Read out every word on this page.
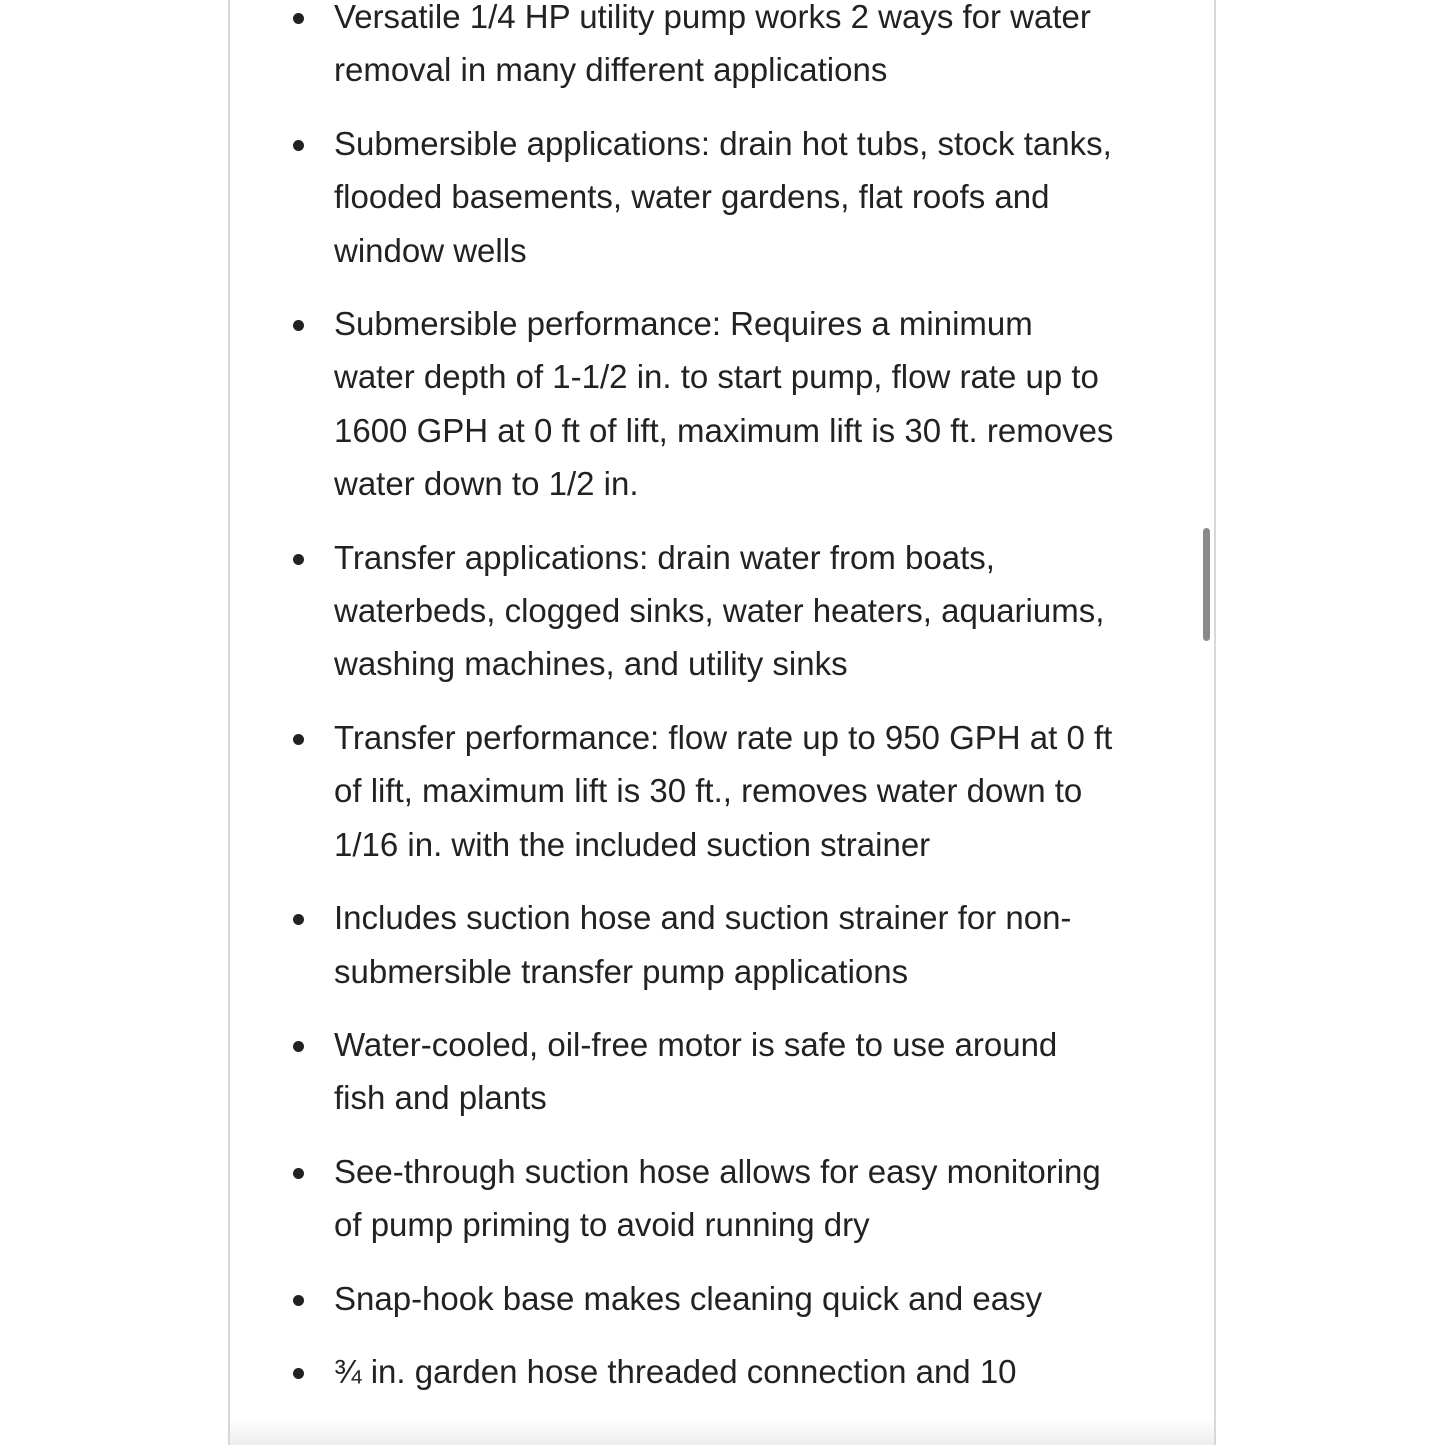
Versatile 1/4 HP utility pump works 2 ways for water removal in many different applications
Submersible applications: drain hot tubs, stock tanks, flooded basements, water gardens, flat roofs and window wells
Submersible performance: Requires a minimum water depth of 1-1/2 in. to start pump, flow rate up to 1600 GPH at 0 ft of lift, maximum lift is 30 ft. removes water down to 1/2 in.
Transfer applications: drain water from boats, waterbeds, clogged sinks, water heaters, aquariums, washing machines, and utility sinks
Transfer performance: flow rate up to 950 GPH at 0 ft of lift, maximum lift is 30 ft., removes water down to 1/16 in. with the included suction strainer
Includes suction hose and suction strainer for non-submersible transfer pump applications
Water-cooled, oil-free motor is safe to use around fish and plants
See-through suction hose allows for easy monitoring of pump priming to avoid running dry
Snap-hook base makes cleaning quick and easy
¾ in. garden hose threaded connection and 10
